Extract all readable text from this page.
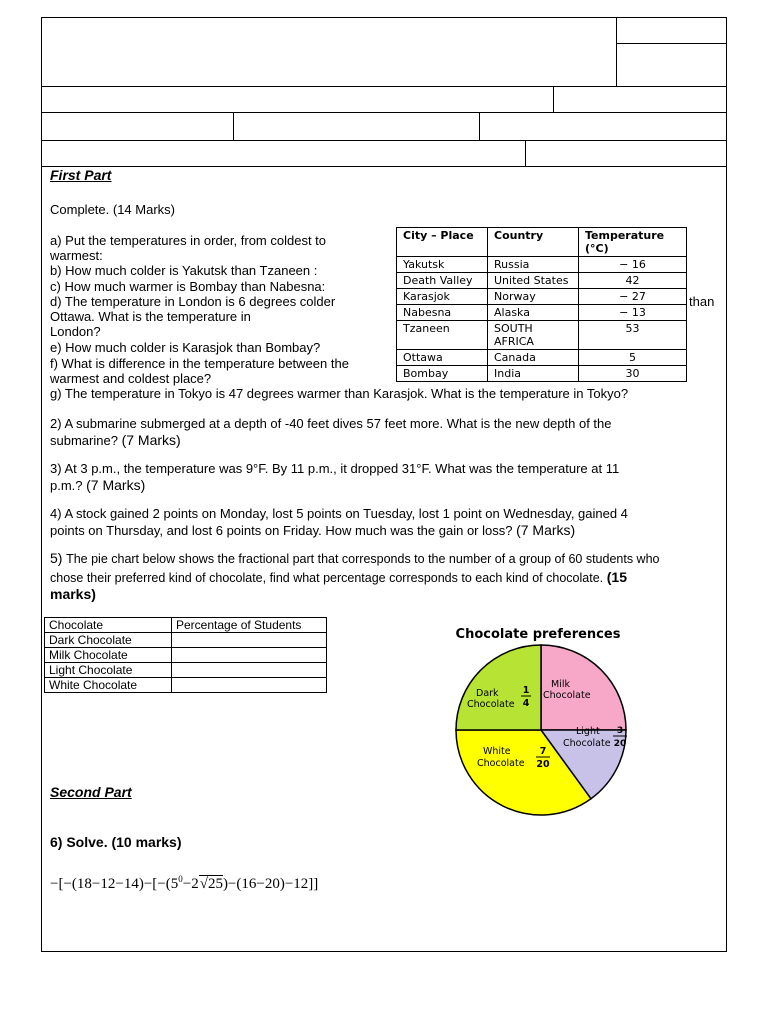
First Part
Complete. (14 Marks)
a) Put the temperatures in order, from coldest to
warmest:
b) How much colder is Yakutsk than Tzaneen :
c) How much warmer is Bombay than Nabesna:
d) The temperature in London is 6 degrees colder	than
Ottawa. What is the temperature in
London?
e) How much colder is Karasjok than Bombay?
f) What is difference in the temperature between the
warmest and coldest place?
g) The temperature in Tokyo is 47 degrees warmer than Karasjok. What is the temperature in Tokyo?
City – Place	Country	Temperature (°C)
Yakutsk	Russia	− 16
Death Valley	United States	42
Karasjok	Norway	− 27
Nabesna	Alaska	− 13
Tzaneen	SOUTH AFRICA	53
Ottawa	Canada	5
Bombay	India	30
2) A submarine submerged at a depth of -40 feet dives 57 feet more. What is the new depth of the
submarine? (7 Marks)
3) At 3 p.m., the temperature was 9°F. By 11 p.m., it dropped 31°F. What was the temperature at 11
p.m.? (7 Marks)
4) A stock gained 2 points on Monday, lost 5 points on Tuesday, lost 1 point on Wednesday, gained 4
points on Thursday, and lost 6 points on Friday. How much was the gain or loss? (7 Marks)
5) The pie chart below shows the fractional part that corresponds to the number of a group of 60 students who
chose their preferred kind of chocolate, find what percentage corresponds to each kind of chocolate. (15
marks)
Chocolate	Percentage of Students
Dark Chocolate	
Milk Chocolate	
Light Chocolate	
White Chocolate	
Chocolate preferences
Milk
Chocolate
Dark
Chocolate
1
4
Light
Chocolate
3
20
White
Chocolate
7
20
Second Part
6) Solve. (10 marks)
$-[-(18-12-14)-[-(5^0-2√25)-(16-20)-12]]$
